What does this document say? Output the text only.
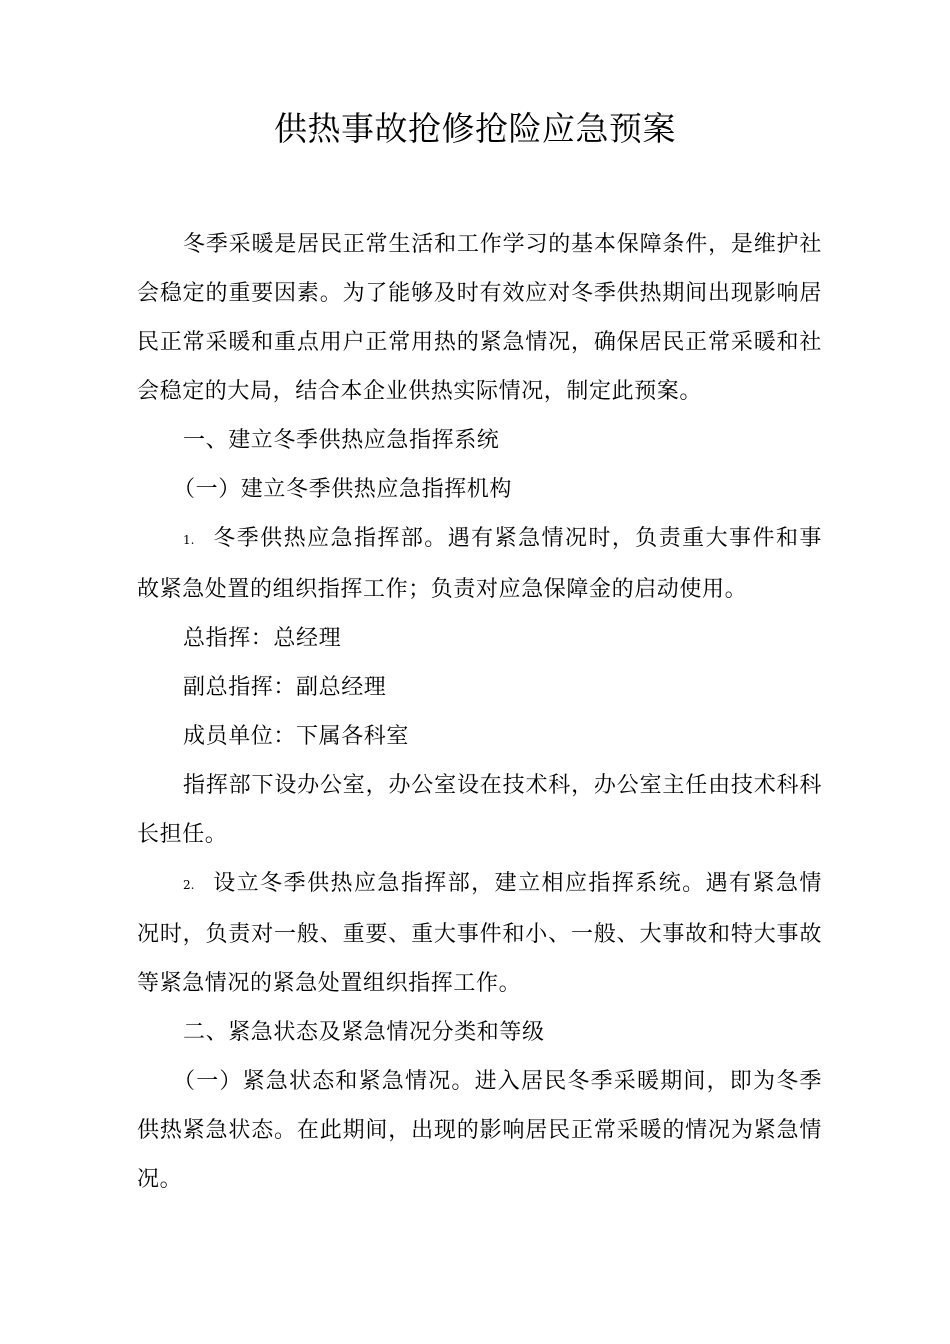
供热事故抢修抢险应急预案

冬季采暖是居民正常生活和工作学习的基本保障条件，是维护社会稳定的重要因素。为了能够及时有效应对冬季供热期间出现影响居民正常采暖和重点用户正常用热的紧急情况，确保居民正常采暖和社会稳定的大局，结合本企业供热实际情况，制定此预案。

一、建立冬季供热应急指挥系统

（一）建立冬季供热应急指挥机构

1. 冬季供热应急指挥部。遇有紧急情况时，负责重大事件和事故紧急处置的组织指挥工作；负责对应急保障金的启动使用。

总指挥：总经理

副总指挥：副总经理

成员单位：下属各科室

指挥部下设办公室，办公室设在技术科，办公室主任由技术科科长担任。

2. 设立冬季供热应急指挥部，建立相应指挥系统。遇有紧急情况时，负责对一般、重要、重大事件和小、一般、大事故和特大事故等紧急情况的紧急处置组织指挥工作。

二、紧急状态及紧急情况分类和等级

（一）紧急状态和紧急情况。进入居民冬季采暖期间，即为冬季供热紧急状态。在此期间，出现的影响居民正常采暖的情况为紧急情况。
